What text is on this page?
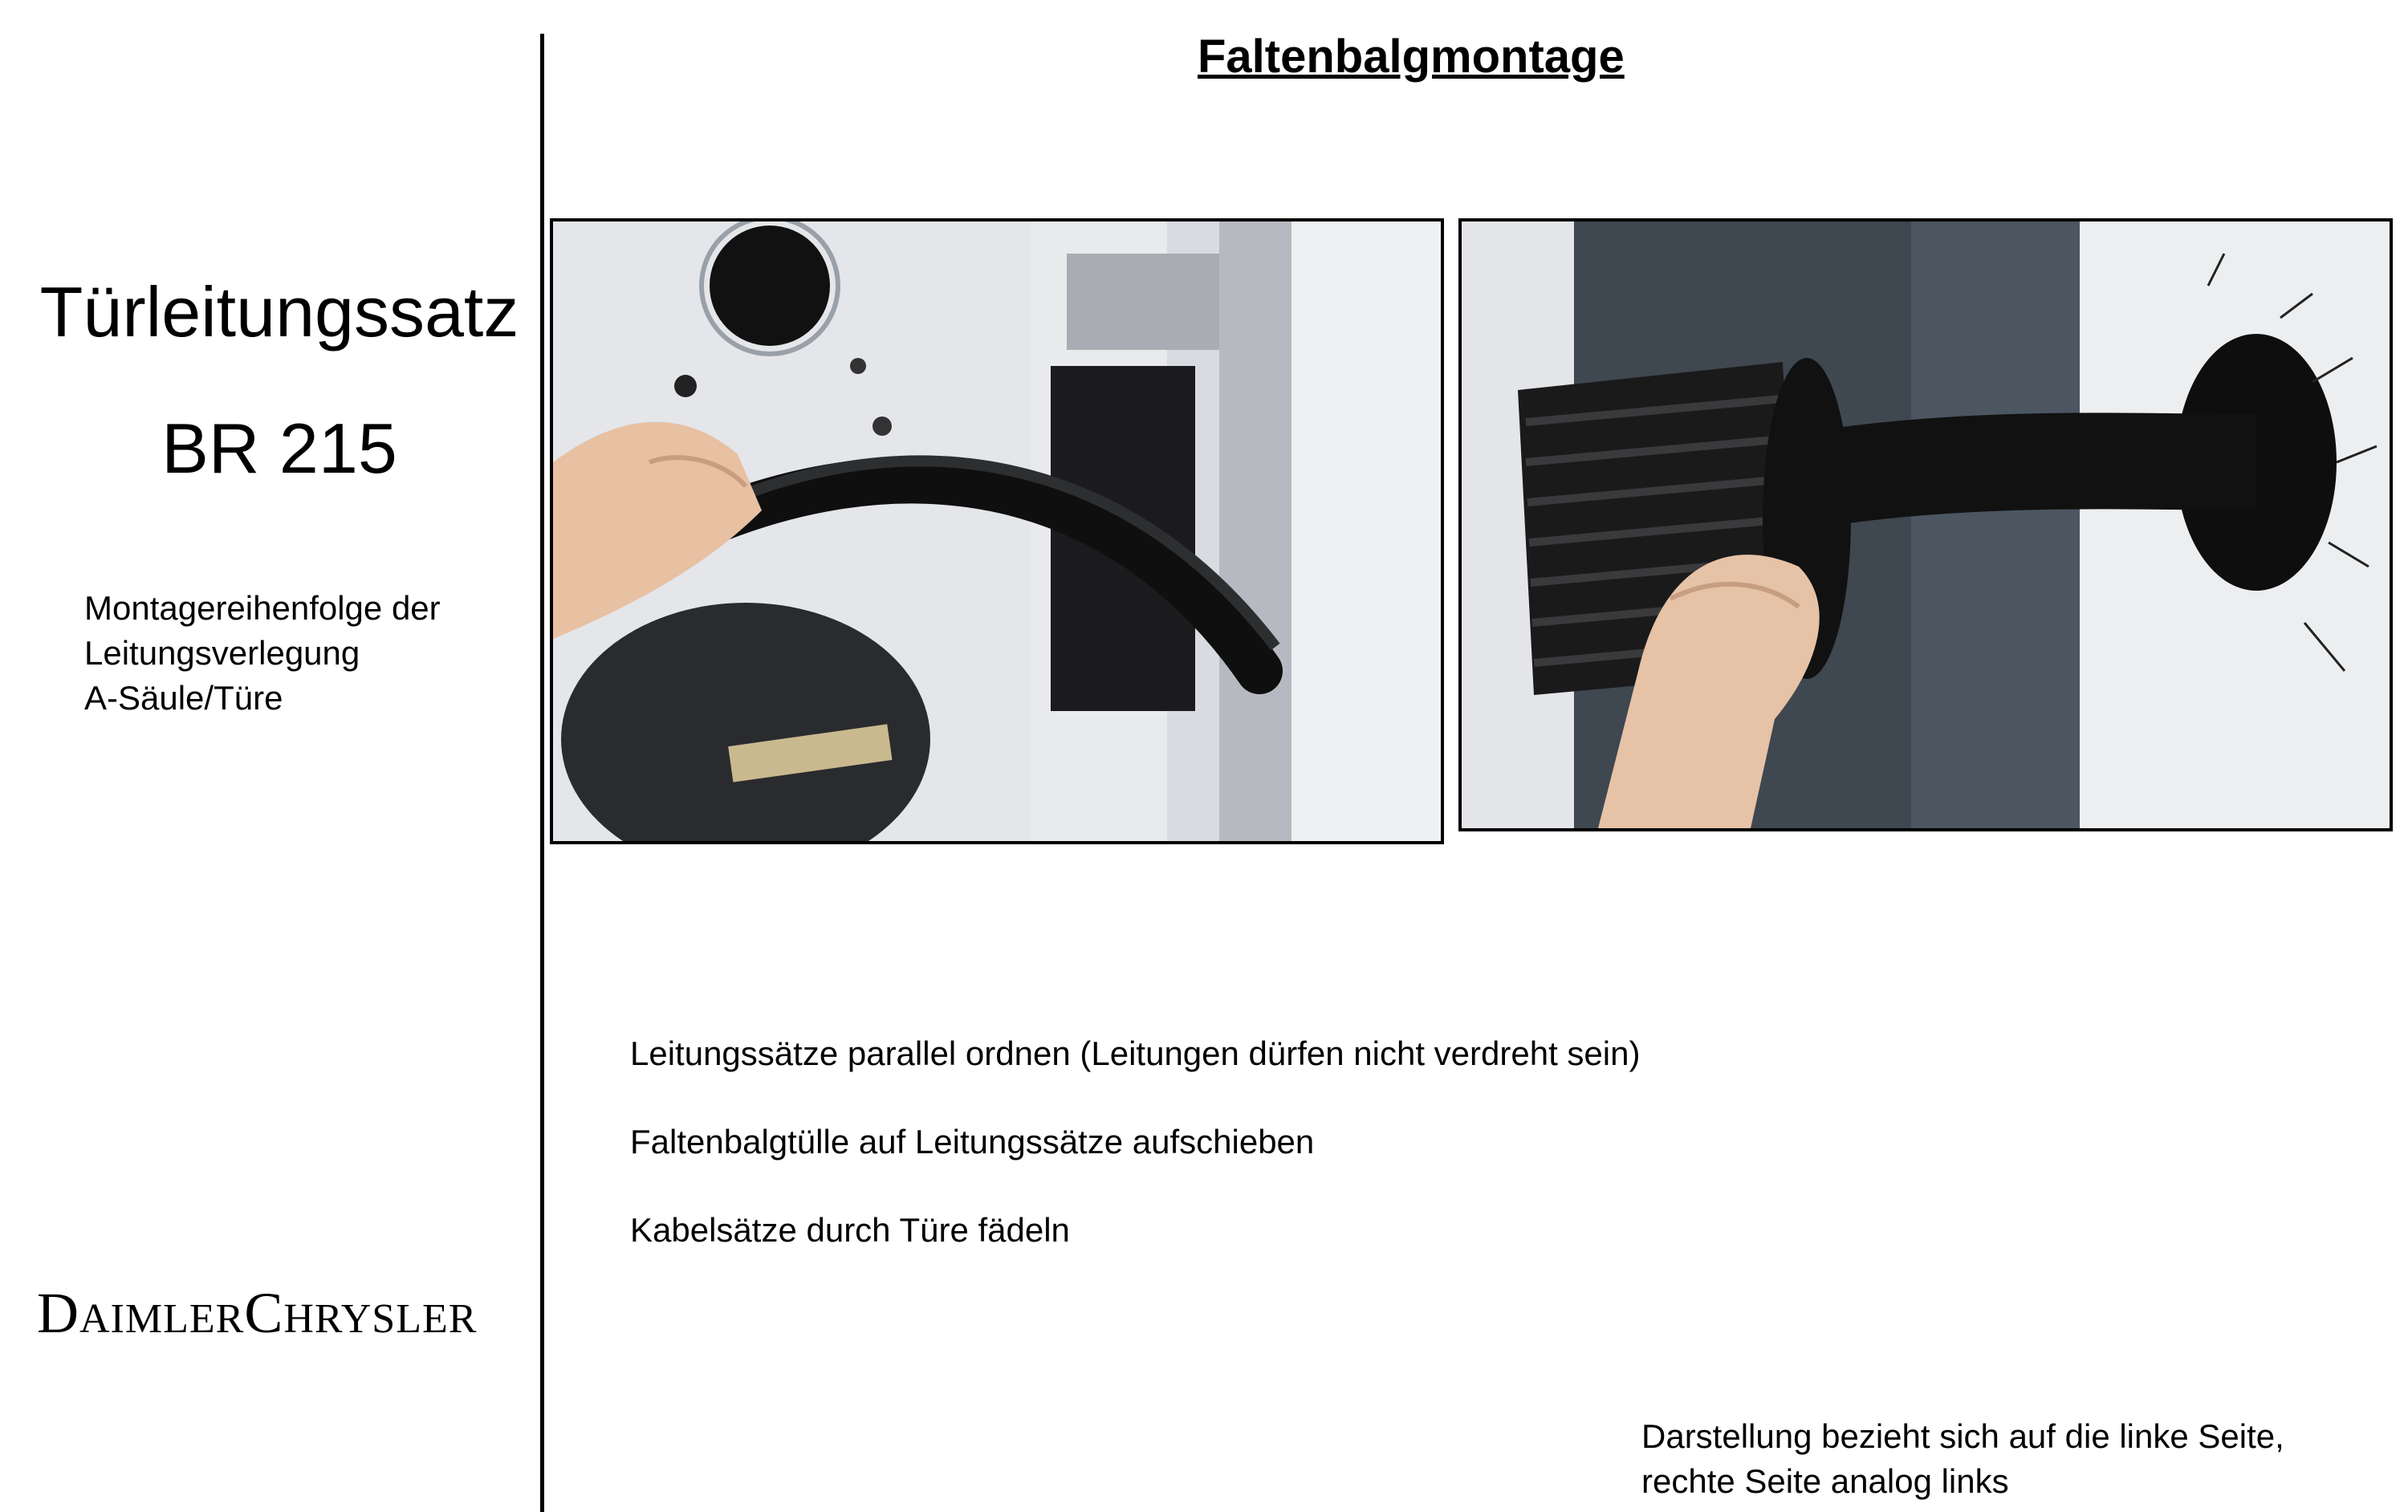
Türleitungssatz
BR 215
Montagereihenfolge der
Leitungsverlegung
A-Säule/Türe
DAIMLERCHRYSLER
Faltenbalgmontage
Leitungssätze parallel ordnen (Leitungen dürfen nicht verdreht sein)
Faltenbalgtülle auf Leitungssätze aufschieben
Kabelsätze durch Türe fädeln
Darstellung bezieht sich auf die linke Seite,
rechte Seite analog links
